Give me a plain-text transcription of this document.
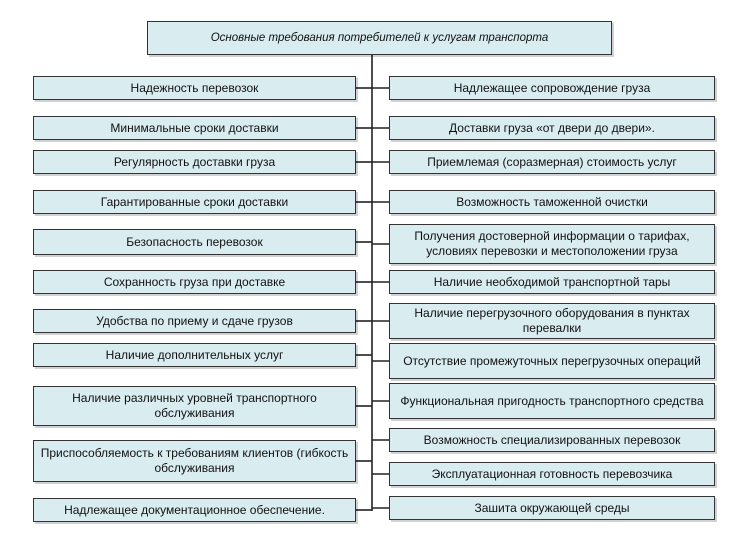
Основные требования потребителей к услугам транспорта
Надежность перевозок
Минимальные сроки доставки
Регулярность доставки груза
Гарантированные сроки доставки
Безопасность перевозок
Сохранность груза при доставке
Удобства по приему и сдаче грузов
Наличие дополнительных услуг
Наличие различных уровней транспортного обслуживания
Приспособляемость к требованиям клиентов (гибкость обслуживания
Надлежащее документационное обеспечение.
Надлежащее сопровождение груза
Доставки груза «от двери до двери».
Приемлемая (соразмерная) стоимость услуг
Возможность таможенной очистки
Получения достоверной информации о тарифах, условиях перевозки и местоположении груза
Наличие необходимой транспортной тары
Наличие перегрузочного оборудования в пунктах перевалки
Отсутствие промежуточных перегрузочных операций
Функциональная пригодность транспортного средства
Возможность специализированных перевозок
Эксплуатационная готовность перевозчика
Зашита окружающей среды
